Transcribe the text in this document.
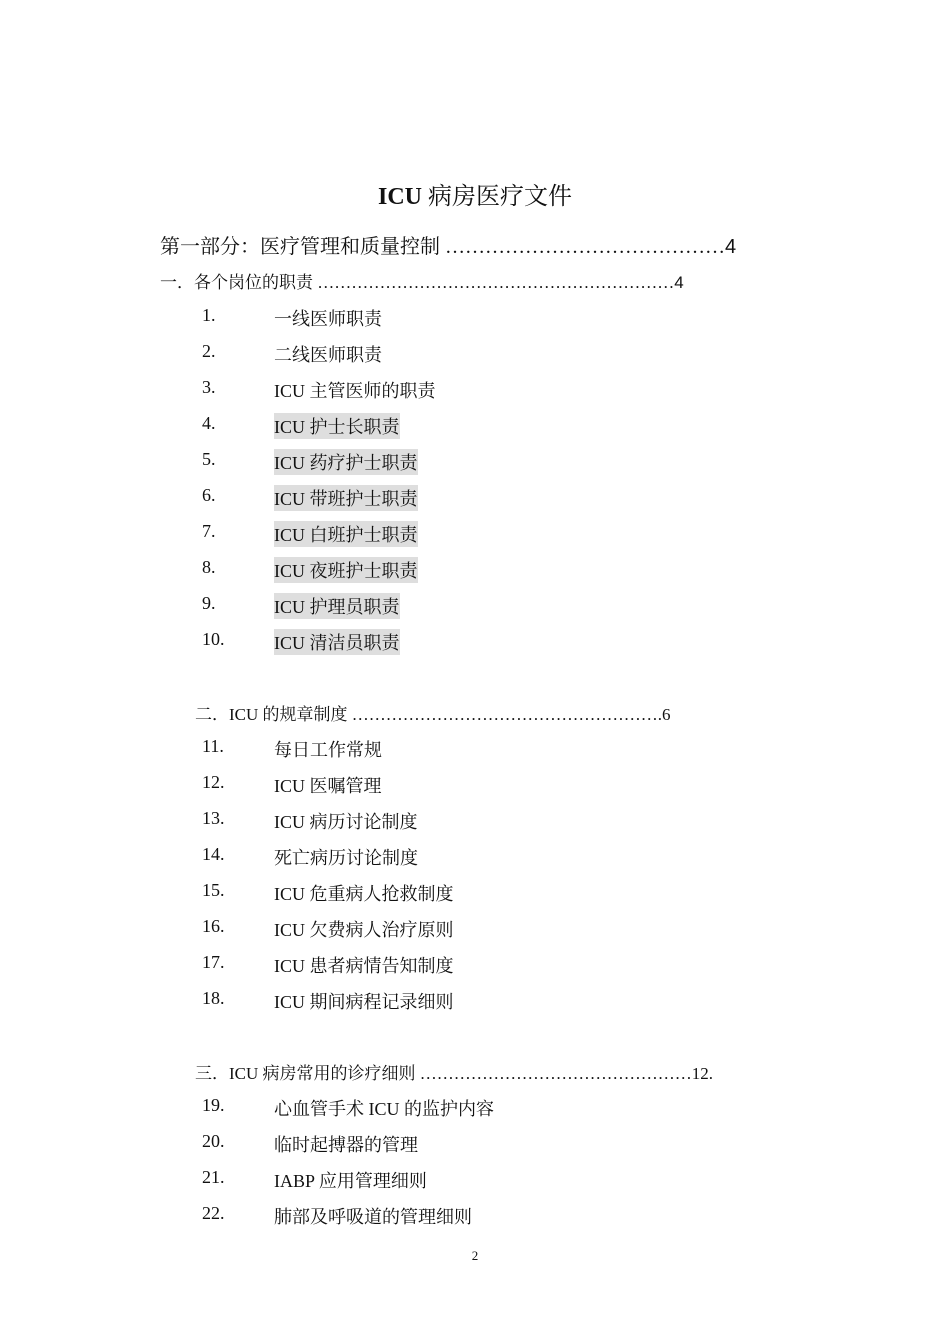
ICU 病房医疗文件
第一部分：医疗管理和质量控制 ……………………………………4
一．各个岗位的职责 ………………………………………………………4
二．ICU 的规章制度 ……………………………………………….6
三．ICU 病房常用的诊疗细则 …………………………………………12.
1.	一线医师职责
2.	二线医师职责
3.	ICU 主管医师的职责
4.	ICU 护士长职责
5.	ICU 药疗护士职责
6.	ICU 带班护士职责
7.	ICU 白班护士职责
8.	ICU 夜班护士职责
9.	ICU 护理员职责
10.	ICU 清洁员职责
11.	每日工作常规
12.	ICU 医嘱管理
13.	ICU 病历讨论制度
14.	死亡病历讨论制度
15.	ICU 危重病人抢救制度
16.	ICU 欠费病人治疗原则
17.	ICU 患者病情告知制度
18.	ICU 期间病程记录细则
19.	心血管手术 ICU 的监护内容
20.	临时起搏器的管理
21.	IABP 应用管理细则
22.	肺部及呼吸道的管理细则
2
